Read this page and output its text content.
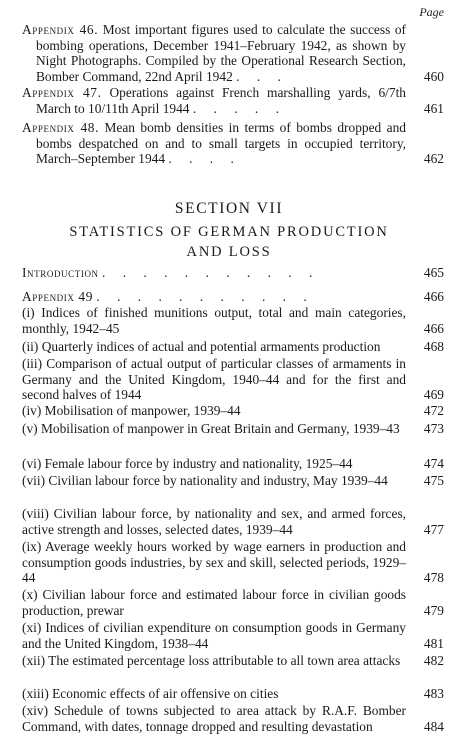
Page
Appendix 46. Most important figures used to calculate the success of bombing operations, December 1941–February 1942, as shown by Night Photographs. Compiled by the Operational Research Section, Bomber Command, 22nd April 1942 . . .	460
Appendix 47. Operations against French marshalling yards, 6/7th March to 10/11th April 1944 . . . . .	461
Appendix 48. Mean bomb densities in terms of bombs dropped and bombs despatched on and to small targets in occupied territory, March–September 1944 . . . .	462
SECTION VII
STATISTICS OF GERMAN PRODUCTION
AND LOSS
Introduction . . . . . . . . . . .	465
Appendix 49 . . . . . . . . . . .	466
(i) Indices of finished munitions output, total and main categories, monthly, 1942–45	466
(ii) Quarterly indices of actual and potential armaments production	468
(iii) Comparison of actual output of particular classes of armaments in Germany and the United Kingdom, 1940–44 and for the first and second halves of 1944	469
(iv) Mobilisation of manpower, 1939–44	472
(v) Mobilisation of manpower in Great Britain and Germany, 1939–43	473
(vi) Female labour force by industry and nationality, 1925–44	474
(vii) Civilian labour force by nationality and industry, May 1939–44	475
(viii) Civilian labour force, by nationality and sex, and armed forces, active strength and losses, selected dates, 1939–44	477
(ix) Average weekly hours worked by wage earners in production and consumption goods industries, by sex and skill, selected periods, 1929–44	478
(x) Civilian labour force and estimated labour force in civilian goods production, prewar	479
(xi) Indices of civilian expenditure on consumption goods in Germany and the United Kingdom, 1938–44	481
(xii) The estimated percentage loss attributable to all town area attacks	482
(xiii) Economic effects of air offensive on cities	483
(xiv) Schedule of towns subjected to area attack by R.A.F. Bomber Command, with dates, tonnage dropped and resulting devastation	484
